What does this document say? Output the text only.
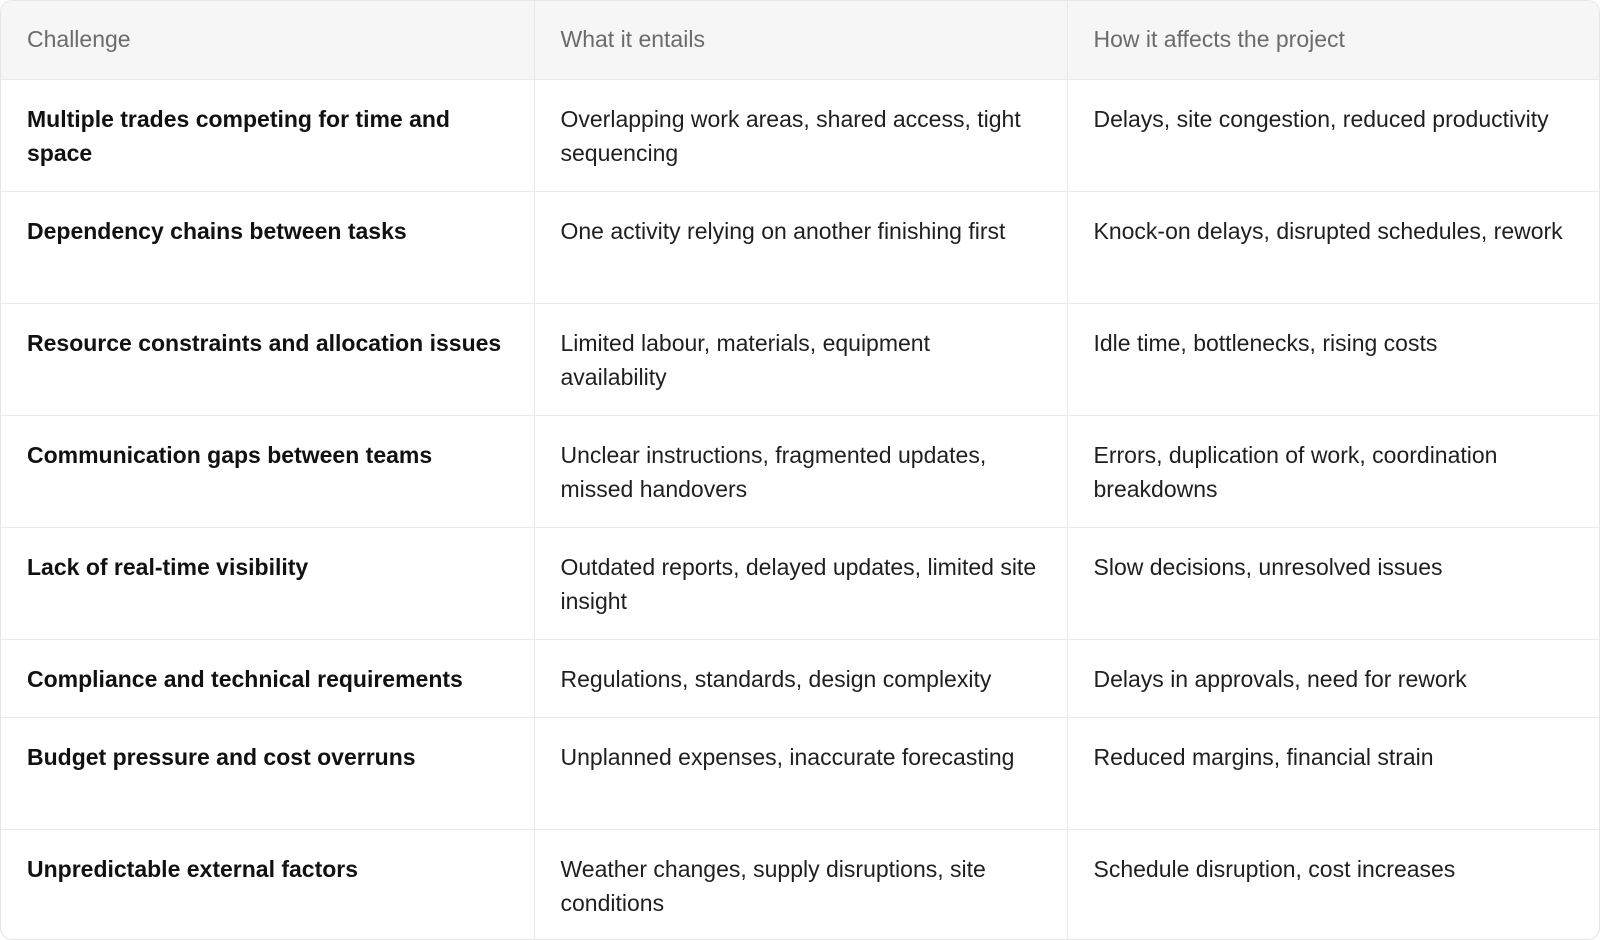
Challenge	What it entails	How it affects the project
Multiple trades competing for time and space	Overlapping work areas, shared access, tight sequencing	Delays, site congestion, reduced productivity
Dependency chains between tasks	One activity relying on another finishing first	Knock-on delays, disrupted schedules, rework
Resource constraints and allocation issues	Limited labour, materials, equipment availability	Idle time, bottlenecks, rising costs
Communication gaps between teams	Unclear instructions, fragmented updates, missed handovers	Errors, duplication of work, coordination breakdowns
Lack of real-time visibility	Outdated reports, delayed updates, limited site insight	Slow decisions, unresolved issues
Compliance and technical requirements	Regulations, standards, design complexity	Delays in approvals, need for rework
Budget pressure and cost overruns	Unplanned expenses, inaccurate forecasting	Reduced margins, financial strain
Unpredictable external factors	Weather changes, supply disruptions, site conditions	Schedule disruption, cost increases
